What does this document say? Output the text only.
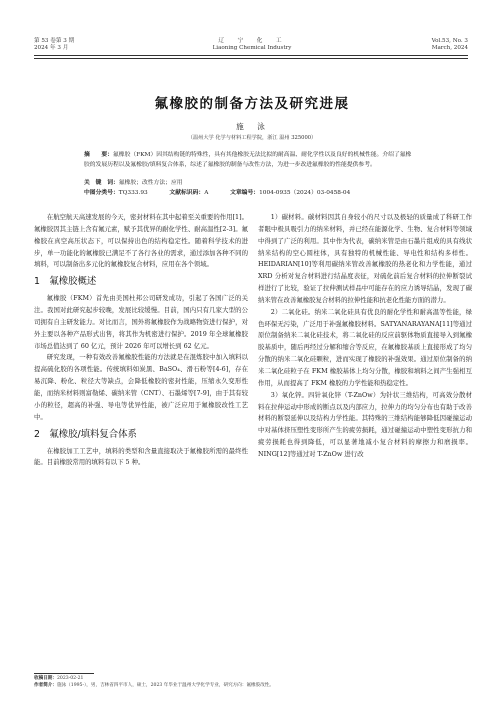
第 53 卷第 3 期
2024 年 3 月
辽　宁　化　工
Liaoning Chemical Industry
Vol.53, No. 3
March, 2024
氟橡胶的制备方法及研究进展
施　泳
（温州大学 化学与材料工程学院，浙江 温州 325000）
摘　　要：氟橡胶（FKM）因其结构链的特殊性，具有其他橡胶无法比拟的耐高温、耐化学性以及良好的机械性能。介绍了氟橡胶的发展历程以及氟橡胶/填料复合体系，综述了氟橡胶的制备与改性方法，为进一步改进氟橡胶的性能提供参考。
关　键　词：氟橡胶；改性方法；应用
中图分类号：TQ333.93	文献标识码：A	文章编号：1004-0935（2024）03-0458-04

在航空航天高速发展的今天，密封材料在其中起着至关重要的作用[1]。氟橡胶因其主链上含有氟元素，赋予其优异的耐化学性、耐高温性[2-3]。氟橡胶在真空高压状态下，可以保持出色的结构稳定性。随着科学技术的进步，单一功能化的氟橡胶已满足不了各行各业的需求，通过添加各种不同的填料，可以制备出多元化的氟橡胶复合材料，应用在各个领域。

1　氟橡胶概述

氟橡胶（FKM）首先由美国杜邦公司研发成功，引起了各国广泛的关注。我国对此研究起步较晚，发展比较缓慢。目前，国内只有几家大型的公司拥有自主研发能力。对比而言，国外将氟橡胶作为战略物资进行保护，对外主要以各种产品形式出售，将其作为机密进行保护。2019 年全球氟橡胶市场总值达到了 60 亿元，预计 2026 年可以增长到 62 亿元。

研究发现，一种有效改善氟橡胶性能的方法就是在混炼胶中加入填料以提高硫化胶的各项性能。传统填料如炭黑、BaSO₄、滑石粉等[4-6]，存在易沉降、粉化、粒径大等缺点，会降低橡胶的密封性能，压缩永久变形性能，而纳米材料则富勒烯、碳纳米管（CNT）、石墨烯等[7-9]，由于其有较小的粒径，超高的补强、导电等优异性能，被广泛应用于氟橡胶改性工艺中。

2　氟橡胶/填料复合体系

在橡胶加工工艺中，填料的类型和含量直接取决于氟橡胶所需的最终性能。目前橡胶常用的填料有以下 5 种。

1）碳材料。碳材料因其自身较小的尺寸以及极轻的质量成了科研工作者眼中极具吸引力的纳米材料，并已经在能源化学、生物、复合材料等领域中得到了广泛的利用。其中作为代表，碳纳米管是由石墨片组成的具有线状纳米结构的空心圆柱体，具有独特的机械性能、导电性和结构多样性。HEIDARIAN[10]等利用碳纳米管改善氟橡胶的热老化和力学性能，通过 XRD 分析对复合材料进行结晶度表征，对硫化前后复合材料的拉伸断裂试样进行了比较，验证了拉伸测试样品中可能存在的应力诱导结晶，发现了碳纳米管在改善氟橡胶复合材料的拉伸性能和抗老化性能方面的潜力。

2）二氧化硅。纳米二氧化硅具有优良的耐化学性和耐高温等性能，绿色环保无污染，广泛用于补强氟橡胶材料。SATYANARAYANA[11]等通过原位制备纳米二氧化硅技术，将二氧化硅的反应前驱体物质直接导入到氟橡胶基质中，随后再经过分解和缩合等反应，在氟橡胶基质上直接形成了均匀分散的纳米二氧化硅颗粒，进而实现了橡胶的补强效果。通过原位制备的纳米二氧化硅粒子在 FKM 橡胶基体上均匀分散，橡胶和填料之间产生强相互作用，从而提高了 FKM 橡胶的力学性能和热稳定性。

3）氧化锌。四针氧化锌（T-ZnOw）为针状三维结构，可高效分散材料在拉伸运动中形成的断点以及内部应力，拉伸力的均匀分布也有助于改善材料的断裂延伸以及结构力学性能。其特殊的三维结构能够降低因碰撞运动中对基体挤压塑性变形所产生的疲劳损耗，通过碰撞运动中塑性变形抗力和疲劳损耗也得到降低，可以显著地减小复合材料的摩擦力和磨损率。NING[12]等通过对 T-ZnOw 进行改

收稿日期：2023-02-21
作者简介：施泳（1995-），男，吉林省四平市人，硕士，2023 年毕业于温州大学化学专业，研究方向：氟橡胶改性。
